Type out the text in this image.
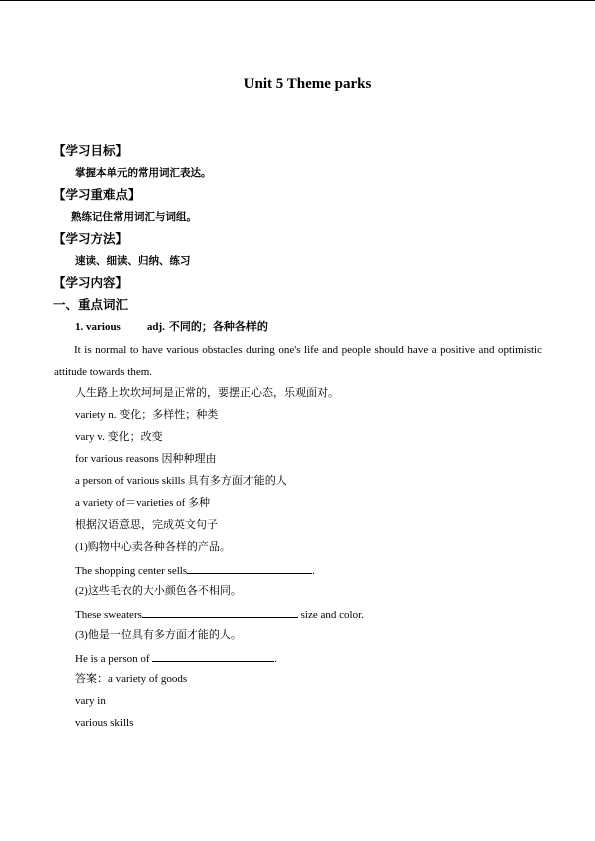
Unit 5 Theme parks
【学习目标】
掌握本单元的常用词汇表达。
【学习重难点】
熟练记住常用词汇与词组。
【学习方法】
速读、细读、归纳、练习
【学习内容】
一、重点词汇
1. various adj. 不同的；各种各样的
It is normal to have various obstacles during one's life and people should have a positive and optimistic attitude towards them.
人生路上坎坎坷坷是正常的，要摆正心态，乐观面对。
variety n. 变化；多样性；种类
vary v. 变化；改变
for various reasons 因种种理由
a person of various skills 具有多方面才能的人
a variety of＝varieties of 多种
根据汉语意思，完成英文句子
(1)购物中心卖各种各样的产品。
The shopping center sells	.
(2)这些毛衣的大小颜色各不相同。
These sweaters	size and color.
(3)他是一位具有多方面才能的人。
He is a person of	.
答案：a variety of goods
vary in
various skills
